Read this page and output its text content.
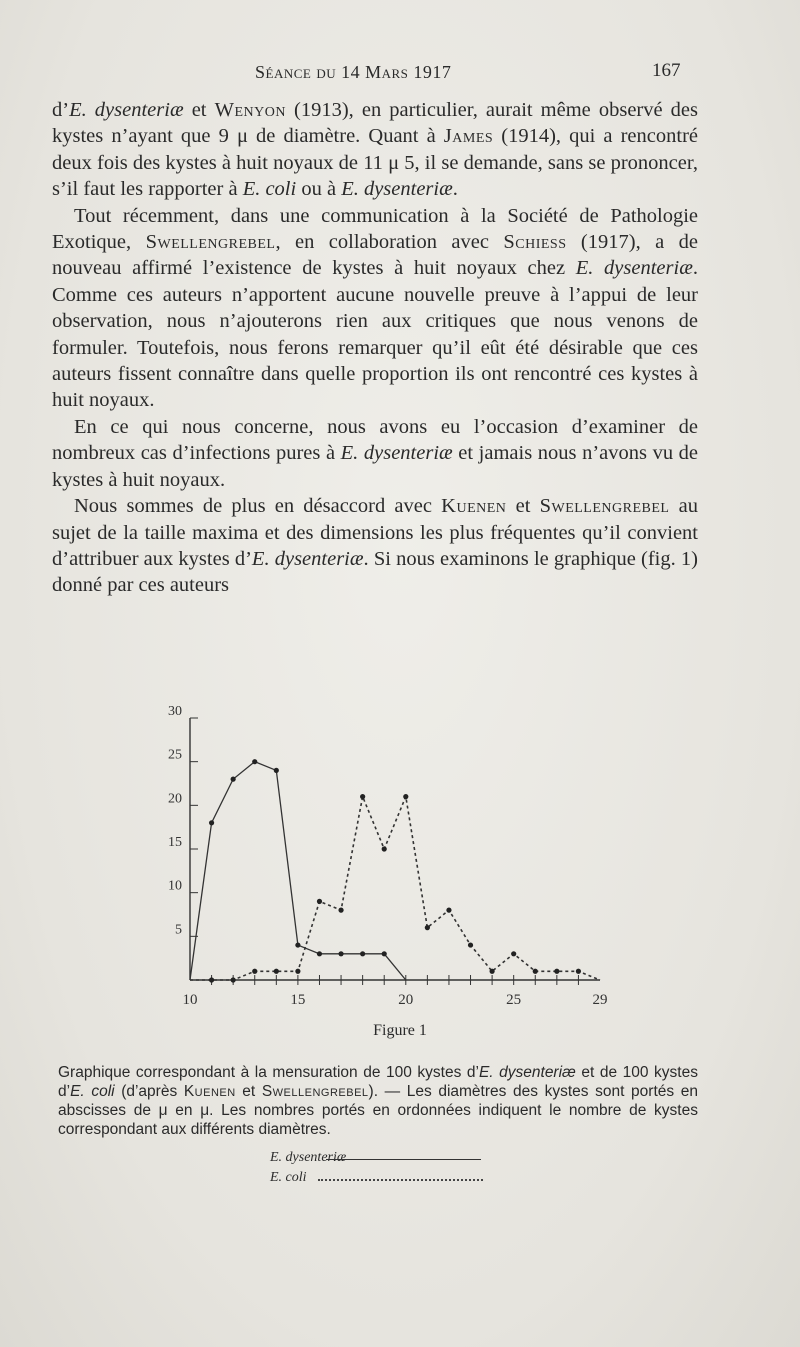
Séance du 14 Mars 1917	167

d’E. dysenteriæ et Wenyon (1913), en particulier, aurait même observé des kystes n’ayant que 9 μ de diamètre. Quant à James (1914), qui a rencontré deux fois des kystes à huit noyaux de 11 μ 5, il se demande, sans se prononcer, s’il faut les rapporter à E. coli ou à E. dysenteriæ.

Tout récemment, dans une communication à la Société de Pathologie Exotique, Swellengrebel, en collaboration avec Schiess (1917), a de nouveau affirmé l’existence de kystes à huit noyaux chez E. dysenteriæ. Comme ces auteurs n’apportent aucune nouvelle preuve à l’appui de leur observation, nous n’ajouterons rien aux critiques que nous venons de formuler. Toutefois, nous ferons remarquer qu’il eût été désirable que ces auteurs fissent connaître dans quelle proportion ils ont rencontré ces kystes à huit noyaux.

En ce qui nous concerne, nous avons eu l’occasion d’examiner de nombreux cas d’infections pures à E. dysenteriæ et jamais nous n’avons vu de kystes à huit noyaux.

Nous sommes de plus en désaccord avec Kuenen et Swellengrebel au sujet de la taille maxima et des dimensions les plus fréquentes qu’il convient d’attribuer aux kystes d’E. dysenteriæ. Si nous examinons le graphique (fig. 1) donné par ces auteurs

5
10
15
20
25
30
10	15	20	25	29
Figure 1

Graphique correspondant à la mensuration de 100 kystes d’E. dysenteriæ et de 100 kystes d’E. coli (d’après Kuenen et Swellengrebel). — Les diamètres des kystes sont portés en abscisses de μ en μ. Les nombres portés en ordonnées indiquent le nombre de kystes correspondant aux différents diamètres.

E. dysenteriæ
E. coli
